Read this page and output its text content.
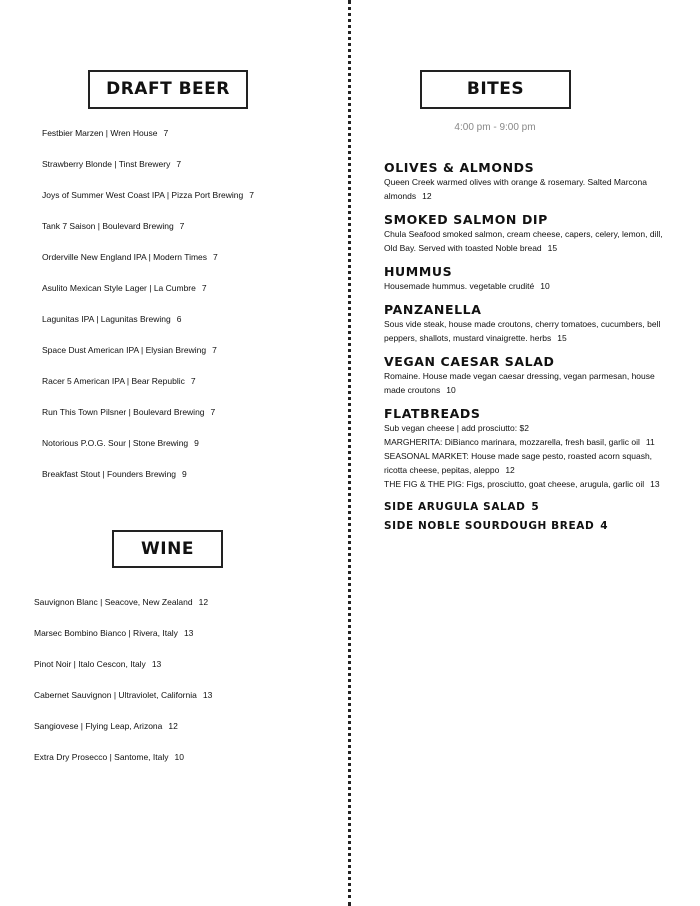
DRAFT BEER
Festbier Marzen | Wren House 7
Strawberry Blonde | Tinst Brewery 7
Joys of Summer West Coast IPA | Pizza Port Brewing 7
Tank 7 Saison | Boulevard Brewing 7
Orderville New England IPA | Modern Times 7
Asulito Mexican Style Lager | La Cumbre 7
Lagunitas IPA | Lagunitas Brewing 6
Space Dust American IPA | Elysian Brewing 7
Racer 5 American IPA | Bear Republic 7
Run This Town Pilsner | Boulevard Brewing 7
Notorious P.O.G. Sour | Stone Brewing 9
Breakfast Stout | Founders Brewing 9
WINE
Sauvignon Blanc | Seacove, New Zealand 12
Marsec Bombino Bianco | Rivera, Italy 13
Pinot Noir | Italo Cescon, Italy 13
Cabernet Sauvignon | Ultraviolet, California 13
Sangiovese | Flying Leap, Arizona 12
Extra Dry Prosecco | Santome, Italy 10
BITES
4:00 pm - 9:00 pm
OLIVES & ALMONDS

Queen Creek warmed olives with orange & rosemary. Salted Marcona almonds 12

SMOKED SALMON DIP

Chula Seafood smoked salmon, cream cheese, capers, celery, lemon, dill, Old Bay. Served with toasted Noble bread 15

HUMMUS

Housemade hummus. vegetable crudité 10

PANZANELLA

Sous vide steak, house made croutons, cherry tomatoes, cucumbers, bell peppers, shallots, mustard vinaigrette. herbs 15

VEGAN CAESAR SALAD

Romaine. House made vegan caesar dressing, vegan parmesan, house made croutons 10

FLATBREADS

Sub vegan cheese | add prosciutto: $2

MARGHERITA: DiBianco marinara, mozzarella, fresh basil, garlic oil 11

SEASONAL MARKET: House made sage pesto, roasted acorn squash, ricotta cheese, pepitas, aleppo 12

THE FIG & THE PIG: Figs, prosciutto, goat cheese, arugula, garlic oil 13

SIDE ARUGULA SALAD 5
SIDE NOBLE SOURDOUGH BREAD 4
